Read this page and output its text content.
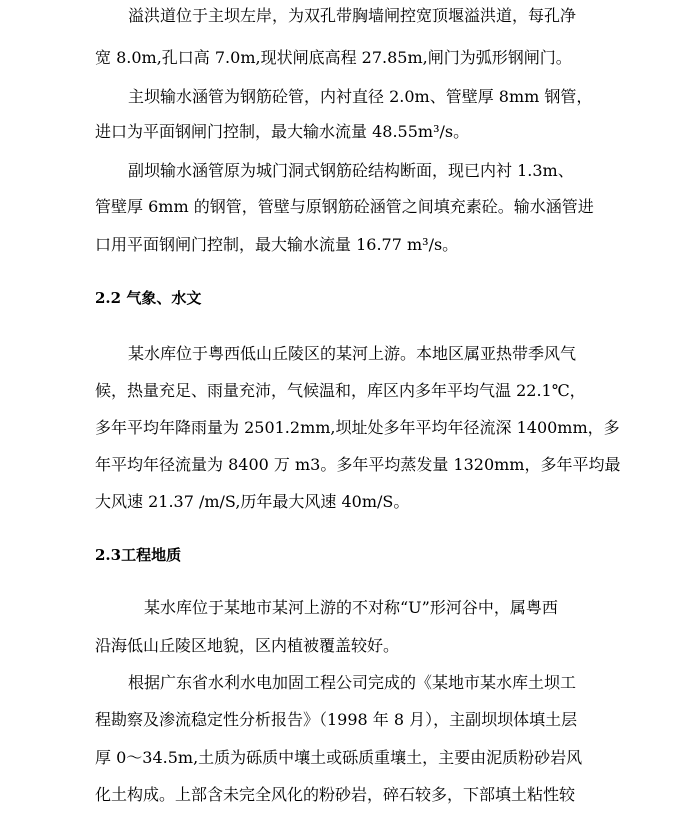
溢洪道位于主坝左岸，为双孔带胸墙闸控宽顶堰溢洪道，每孔净
宽 8.0m,孔口高 7.0m,现状闸底高程 27.85m,闸门为弧形钢闸门。
主坝输水涵管为钢筋砼管，内衬直径 2.0m、管壁厚 8mm 钢管，
进口为平面钢闸门控制，最大输水流量 48.55m³/s。
副坝输水涵管原为城门洞式钢筋砼结构断面，现已内衬 1.3m、
管壁厚 6mm 的钢管，管壁与原钢筋砼涵管之间填充素砼。输水涵管进
口用平面钢闸门控制，最大输水流量 16.77 m³/s。
2.2 气象、水文
某水库位于粤西低山丘陵区的某河上游。本地区属亚热带季风气
候，热量充足、雨量充沛，气候温和，库区内多年平均气温 22.1℃，
多年平均年降雨量为 2501.2mm,坝址处多年平均年径流深 1400mm，多
年平均年径流量为 8400 万 m3。多年平均蒸发量 1320mm，多年平均最
大风速 21.37 /m/S,历年最大风速 40m/S。
2.3工程地质
某水库位于某地市某河上游的不对称“U”形河谷中，属粤西
沿海低山丘陵区地貌，区内植被覆盖较好。
根据广东省水利水电加固工程公司完成的《某地市某水库土坝工
程勘察及渗流稳定性分析报告》（1998 年 8 月），主副坝坝体填土层
厚 0～34.5m,土质为砾质中壤土或砾质重壤土，主要由泥质粉砂岩风
化土构成。上部含未完全风化的粉砂岩，碎石较多，下部填土粘性较
